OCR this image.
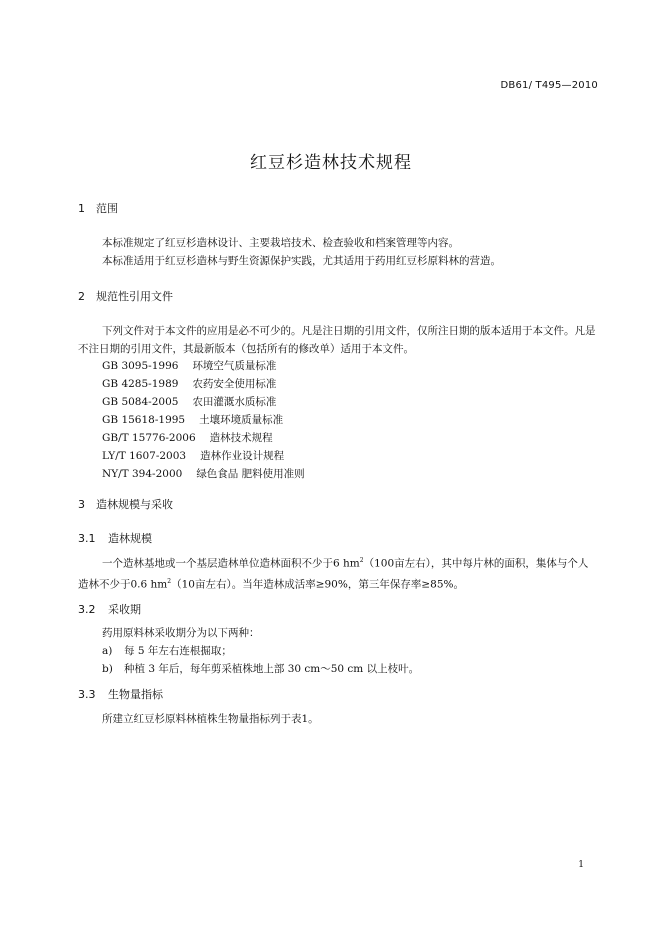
DB61/ T495—2010
红豆杉造林技术规程
1 范围
本标准规定了红豆杉造林设计、主要栽培技术、检查验收和档案管理等内容。
本标准适用于红豆杉造林与野生资源保护实践，尤其适用于药用红豆杉原料林的营造。
2 规范性引用文件
下列文件对于本文件的应用是必不可少的。凡是注日期的引用文件，仅所注日期的版本适用于本文件。凡是不注日期的引用文件，其最新版本（包括所有的修改单）适用于本文件。
GB 3095-1996 环境空气质量标准
GB 4285-1989 农药安全使用标准
GB 5084-2005 农田灌溉水质标准
GB 15618-1995 土壤环境质量标准
GB/T 15776-2006 造林技术规程
LY/T 1607-2003 造林作业设计规程
NY/T 394-2000 绿色食品 肥料使用准则
3 造林规模与采收
3.1 造林规模
一个造林基地或一个基层造林单位造林面积不少于6 $hm^2(100$亩左右），其中每片林的面积，集体与个人造林不少于0.6 $hm^2(10$亩左右）。当年造林成活率≥90%，第三年保存率≥85%。
3.2 采收期
药用原料林采收期分为以下两种：
a) 每 5 年左右连根掘取；
b) 种植 3 年后，每年剪采植株地上部 30 cm～50 cm 以上枝叶。
3.3 生物量指标
所建立红豆杉原料林植株生物量指标列于表1。
1
